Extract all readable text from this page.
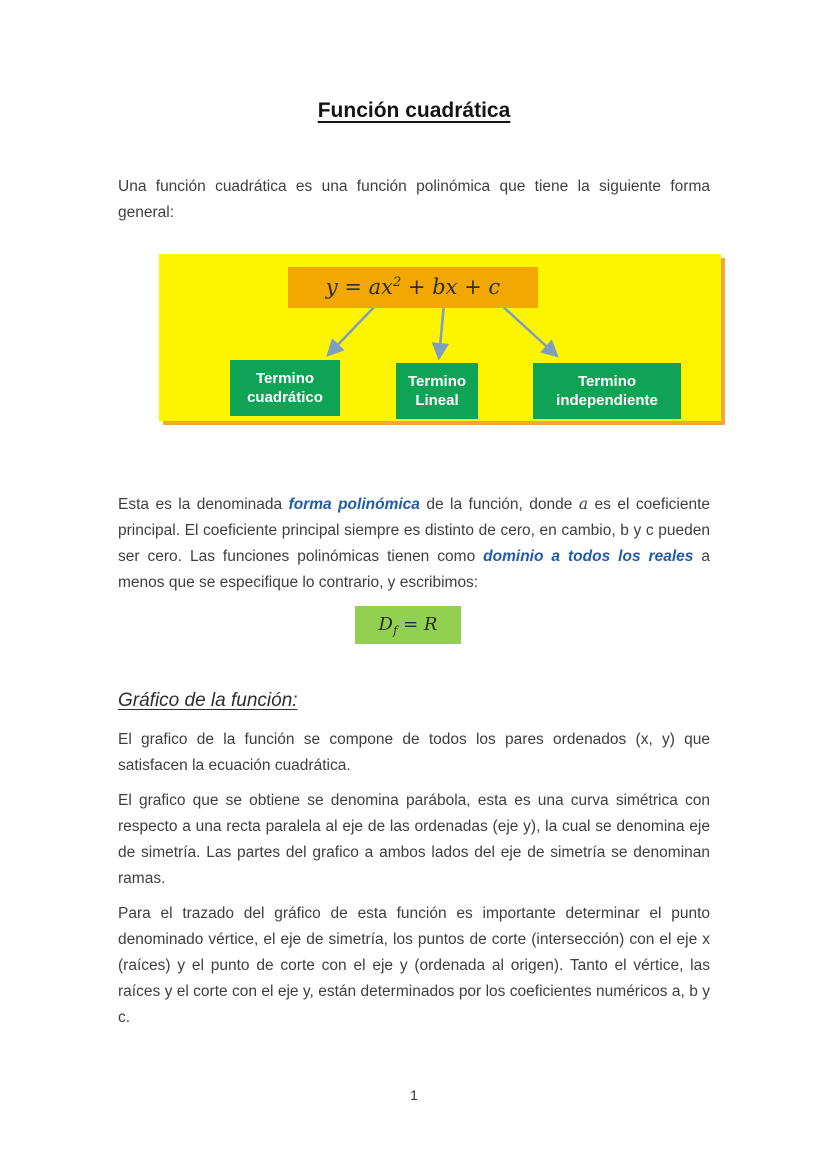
Función cuadrática

Una función cuadrática es una función polinómica que tiene la siguiente forma general:

$y = ax^2$ + bx + c
Termino
cuadrático
Termino
Lineal
Termino
independiente

Esta es la denominada forma polinómica de la función, donde a es el coeficiente principal. El coeficiente principal siempre es distinto de cero, en cambio, b y c pueden ser cero. Las funciones polinómicas tienen como dominio a todos los reales a menos que se especifique lo contrario, y escribimos:

$D_f = R$
Gráfico de la función:

El grafico de la función se compone de todos los pares ordenados (x, y) que satisfacen la ecuación cuadrática.

El grafico que se obtiene se denomina parábola, esta es una curva simétrica con respecto a una recta paralela al eje de las ordenadas (eje y), la cual se denomina eje de simetría. Las partes del grafico a ambos lados del eje de simetría se denominan ramas.

Para el trazado del gráfico de esta función es importante determinar el punto denominado vértice, el eje de simetría, los puntos de corte (intersección) con el eje x (raíces) y el punto de corte con el eje y (ordenada al origen). Tanto el vértice, las raíces y el corte con el eje y, están determinados por los coeficientes numéricos a, b y c.

1
